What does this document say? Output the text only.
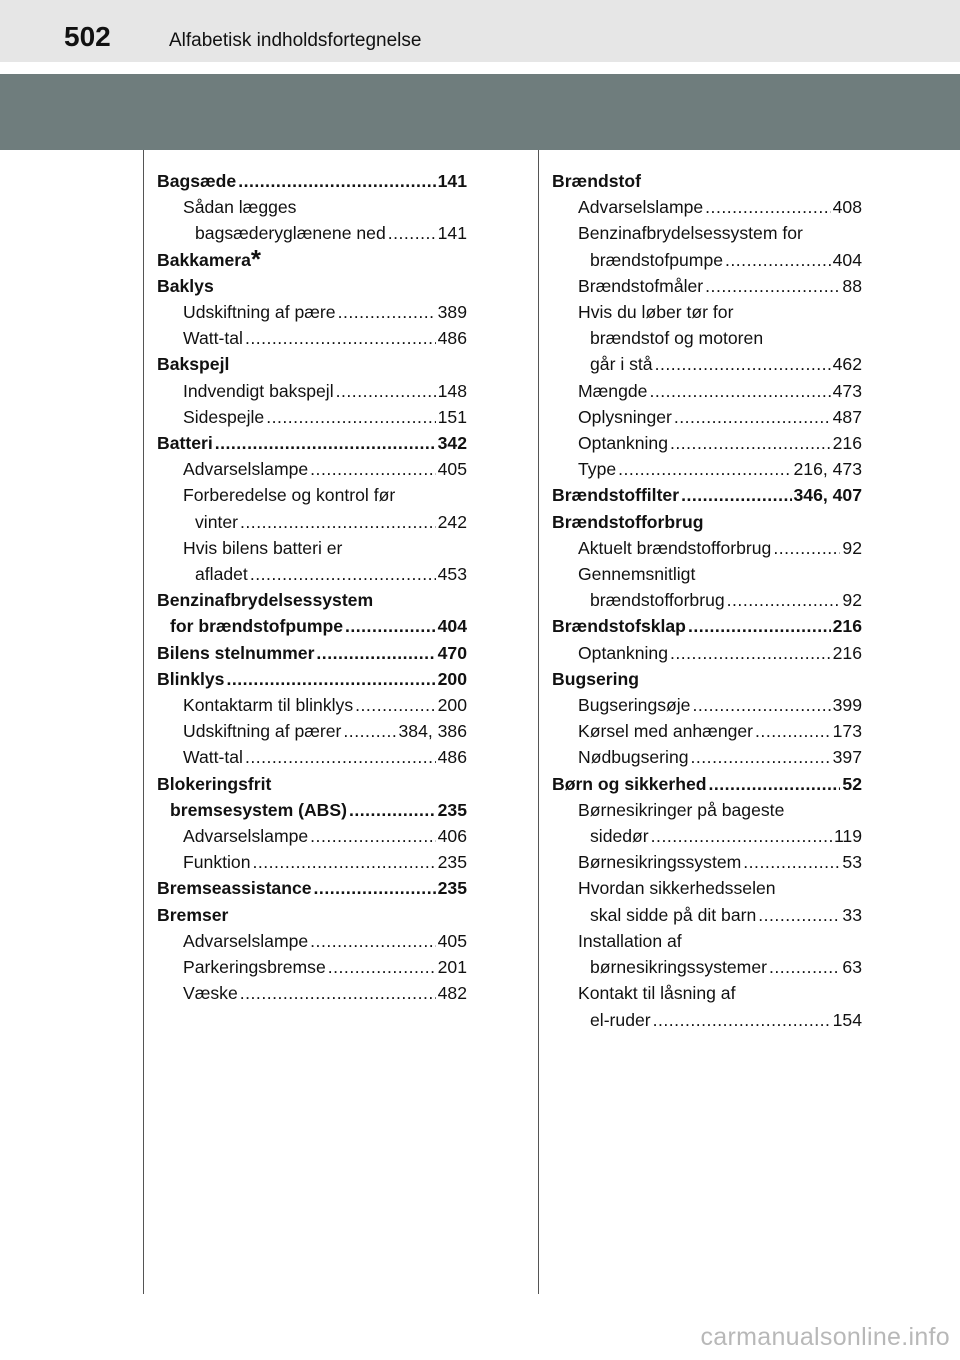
502	Alfabetisk indholdsfortegnelse
Bagsæde .....	141
Sådan lægges
bagsæderyglænene ned .....	141
Bakkamera*
Baklys
Udskiftning af pære .....	389
Watt-tal .....	486
Bakspejl
Indvendigt bakspejl .....	148
Sidespejle .....	151
Batteri .....	342
Advarselslampe .....	405
Forberedelse og kontrol før
vinter .....	242
Hvis bilens batteri er
afladet .....	453
Benzinafbrydelsessystem
for brændstofpumpe .....	404
Bilens stelnummer .....	470
Blinklys .....	200
Kontaktarm til blinklys .....	200
Udskiftning af pærer .....	384, 386
Watt-tal .....	486
Blokeringsfrit
bremsesystem (ABS) .....	235
Advarselslampe .....	406
Funktion .....	235
Bremseassistance .....	235
Bremser
Advarselslampe .....	405
Parkeringsbremse .....	201
Væske .....	482
Brændstof
Advarselslampe .....	408
Benzinafbrydelsessystem for
brændstofpumpe .....	404
Brændstofmåler .....	88
Hvis du løber tør for
brændstof og motoren
går i stå .....	462
Mængde .....	473
Oplysninger .....	487
Optankning .....	216
Type .....	216, 473
Brændstoffilter .....	346, 407
Brændstofforbrug
Aktuelt brændstofforbrug .....	92
Gennemsnitligt
brændstofforbrug .....	92
Brændstofsklap .....	216
Optankning .....	216
Bugsering
Bugseringsøje .....	399
Kørsel med anhænger .....	173
Nødbugsering .....	397
Børn og sikkerhed .....	52
Børnesikringer på bageste
sidedør .....	119
Børnesikringssystem .....	53
Hvordan sikkerhedsselen
skal sidde på dit barn .....	33
Installation af
børnesikringssystemer .....	63
Kontakt til låsning af
el-ruder .....	154
carmanualsonline.info
